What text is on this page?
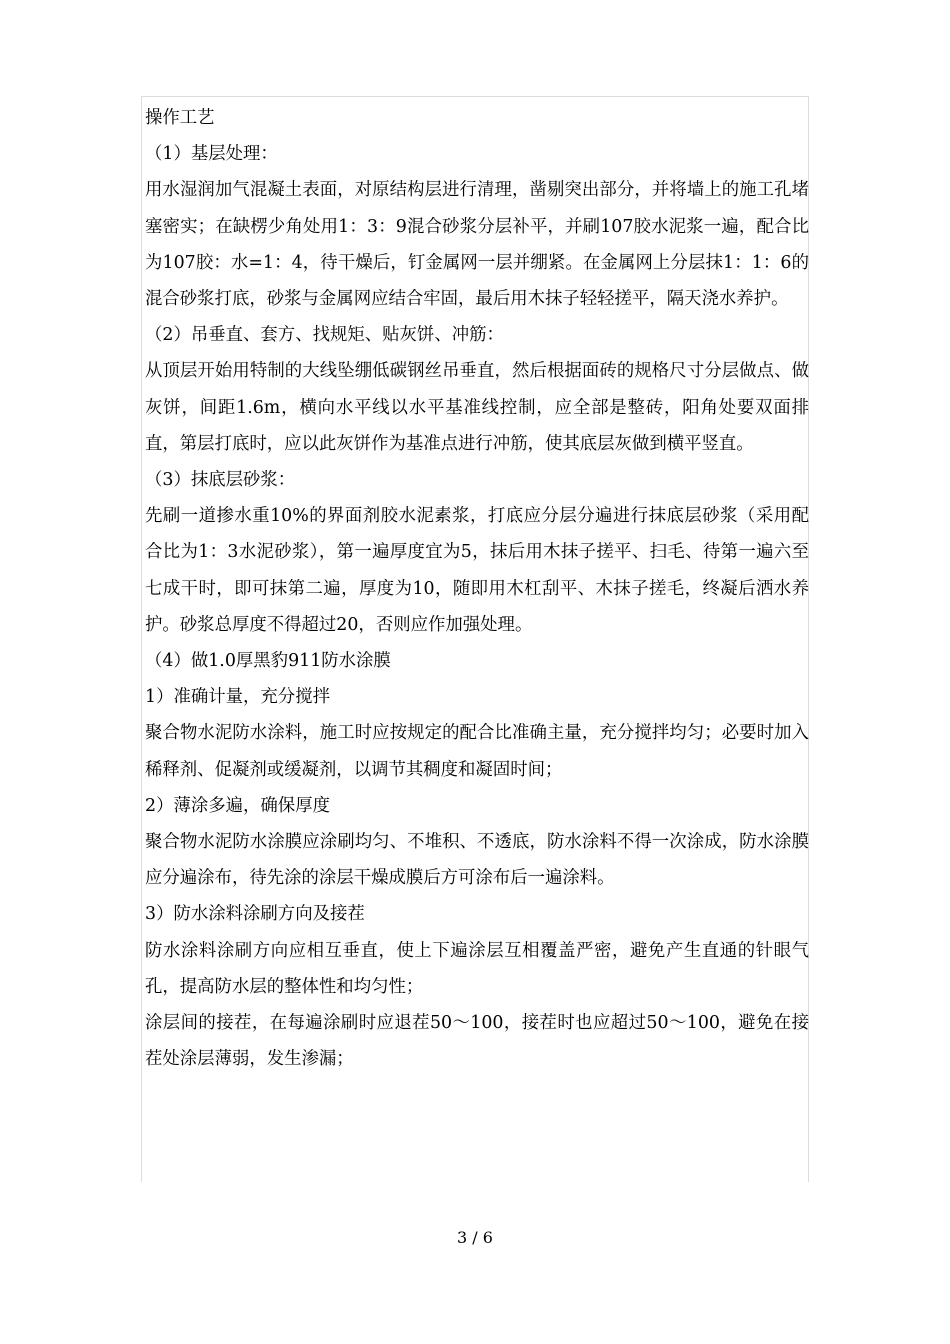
操作工艺
（1）基层处理：
用水湿润加气混凝土表面，对原结构层进行清理，凿剔突出部分，并将墙上的施工孔堵塞密实；在缺楞少角处用1：3：9混合砂浆分层补平，并刷107胶水泥浆一遍，配合比为107胶：水=1：4，待干燥后，钉金属网一层并绷紧。在金属网上分层抹1：1：6的混合砂浆打底，砂浆与金属网应结合牢固，最后用木抹子轻轻搓平，隔天浇水养护。
（2）吊垂直、套方、找规矩、贴灰饼、冲筋：
从顶层开始用特制的大线坠绷低碳钢丝吊垂直，然后根据面砖的规格尺寸分层做点、做灰饼，间距1.6m，横向水平线以水平基准线控制，应全部是整砖，阳角处要双面排直，第层打底时，应以此灰饼作为基准点进行冲筋，使其底层灰做到横平竖直。
（3）抹底层砂浆：
先刷一道掺水重10%的界面剂胶水泥素浆，打底应分层分遍进行抹底层砂浆（采用配合比为1：3水泥砂浆），第一遍厚度宜为5，抹后用木抹子搓平、扫毛、待第一遍六至七成干时，即可抹第二遍，厚度为10，随即用木杠刮平、木抹子搓毛，终凝后洒水养护。砂浆总厚度不得超过20，否则应作加强处理。
（4）做1.0厚黑豹911防水涂膜
1）准确计量，充分搅拌
聚合物水泥防水涂料，施工时应按规定的配合比准确主量，充分搅拌均匀；必要时加入稀释剂、促凝剂或缓凝剂，以调节其稠度和凝固时间；
2）薄涂多遍，确保厚度
聚合物水泥防水涂膜应涂刷均匀、不堆积、不透底，防水涂料不得一次涂成，防水涂膜应分遍涂布，待先涂的涂层干燥成膜后方可涂布后一遍涂料。
3）防水涂料涂刷方向及接茬
防水涂料涂刷方向应相互垂直，使上下遍涂层互相覆盖严密，避免产生直通的针眼气孔，提高防水层的整体性和均匀性；
涂层间的接茬，在每遍涂刷时应退茬50～100，接茬时也应超过50～100，避免在接茬处涂层薄弱，发生渗漏；
3 / 6
